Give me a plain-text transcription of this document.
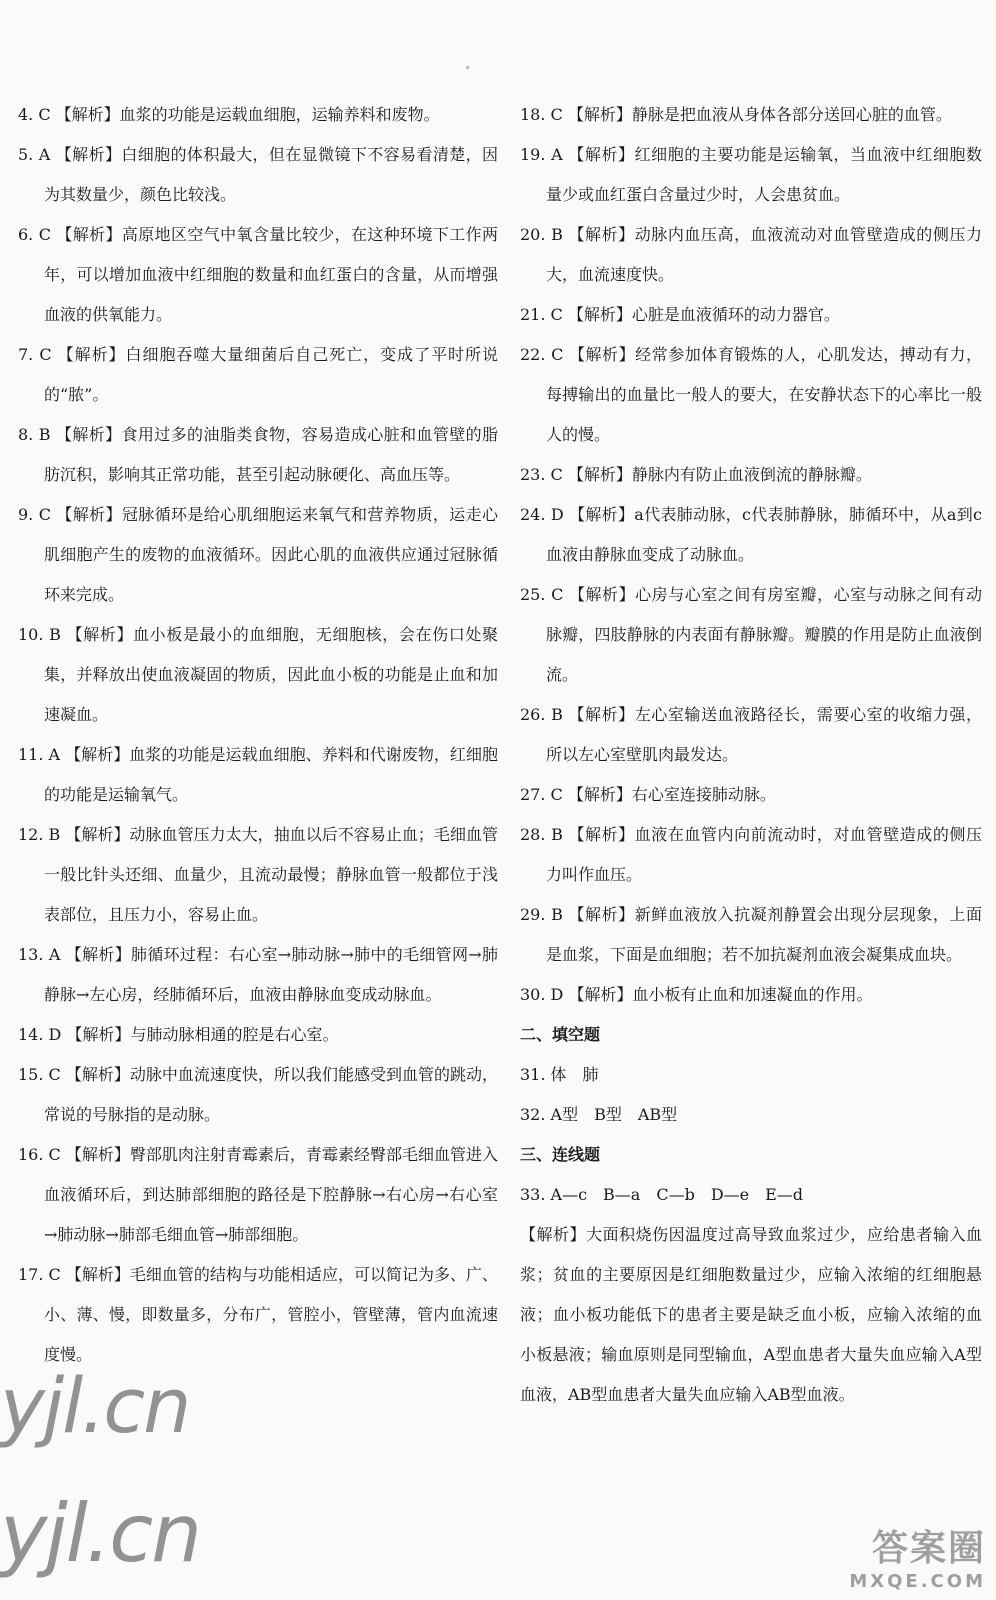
4. C 【解析】血浆的功能是运载血细胞，运输养料和废物。

5. A 【解析】白细胞的体积最大，但在显微镜下不容易看清楚，因为其数量少，颜色比较浅。

6. C 【解析】高原地区空气中氧含量比较少，在这种环境下工作两年，可以增加血液中红细胞的数量和血红蛋白的含量，从而增强血液的供氧能力。

7. C 【解析】白细胞吞噬大量细菌后自己死亡，变成了平时所说的“脓”。

8. B 【解析】食用过多的油脂类食物，容易造成心脏和血管壁的脂肪沉积，影响其正常功能，甚至引起动脉硬化、高血压等。

9. C 【解析】冠脉循环是给心肌细胞运来氧气和营养物质，运走心肌细胞产生的废物的血液循环。因此心肌的血液供应通过冠脉循环来完成。

10. B 【解析】血小板是最小的血细胞，无细胞核，会在伤口处聚集，并释放出使血液凝固的物质，因此血小板的功能是止血和加速凝血。

11. A 【解析】血浆的功能是运载血细胞、养料和代谢废物，红细胞的功能是运输氧气。

12. B 【解析】动脉血管压力太大，抽血以后不容易止血；毛细血管一般比针头还细、血量少，且流动最慢；静脉血管一般都位于浅表部位，且压力小，容易止血。

13. A 【解析】肺循环过程：右心室→肺动脉→肺中的毛细管网→肺静脉→左心房，经肺循环后，血液由静脉血变成动脉血。

14. D 【解析】与肺动脉相通的腔是右心室。

15. C 【解析】动脉中血流速度快，所以我们能感受到血管的跳动，常说的号脉指的是动脉。

16. C 【解析】臀部肌肉注射青霉素后，青霉素经臀部毛细血管进入血液循环后，到达肺部细胞的路径是下腔静脉→右心房→右心室→肺动脉→肺部毛细血管→肺部细胞。

17. C 【解析】毛细血管的结构与功能相适应，可以简记为多、广、小、薄、慢，即数量多，分布广，管腔小，管壁薄，管内血流速度慢。

18. C 【解析】静脉是把血液从身体各部分送回心脏的血管。

19. A 【解析】红细胞的主要功能是运输氧，当血液中红细胞数量少或血红蛋白含量过少时，人会患贫血。

20. B 【解析】动脉内血压高，血液流动对血管壁造成的侧压力大，血流速度快。

21. C 【解析】心脏是血液循环的动力器官。

22. C 【解析】经常参加体育锻炼的人，心肌发达，搏动有力，每搏输出的血量比一般人的要大，在安静状态下的心率比一般人的慢。

23. C 【解析】静脉内有防止血液倒流的静脉瓣。

24. D 【解析】a代表肺动脉，c代表肺静脉，肺循环中，从a到c血液由静脉血变成了动脉血。

25. C 【解析】心房与心室之间有房室瓣，心室与动脉之间有动脉瓣，四肢静脉的内表面有静脉瓣。瓣膜的作用是防止血液倒流。

26. B 【解析】左心室输送血液路径长，需要心室的收缩力强，所以左心室壁肌肉最发达。

27. C 【解析】右心室连接肺动脉。

28. B 【解析】血液在血管内向前流动时，对血管壁造成的侧压力叫作血压。

29. B 【解析】新鲜血液放入抗凝剂静置会出现分层现象，上面是血浆，下面是血细胞；若不加抗凝剂血液会凝集成血块。

30. D 【解析】血小板有止血和加速凝血的作用。

二、填空题

31. 体　肺

32. A型　B型　AB型

三、连线题

33. A—c　B—a　C—b　D—e　E—d

【解析】大面积烧伤因温度过高导致血浆过少，应给患者输入血浆；贫血的主要原因是红细胞数量过少，应输入浓缩的红细胞悬液；血小板功能低下的患者主要是缺乏血小板，应输入浓缩的血小板悬液；输血原则是同型输血，A型血患者大量失血应输入A型血液，AB型血患者大量失血应输入AB型血液。

yjl.cn
yjl.cn	答案圈
MXQE.COM
